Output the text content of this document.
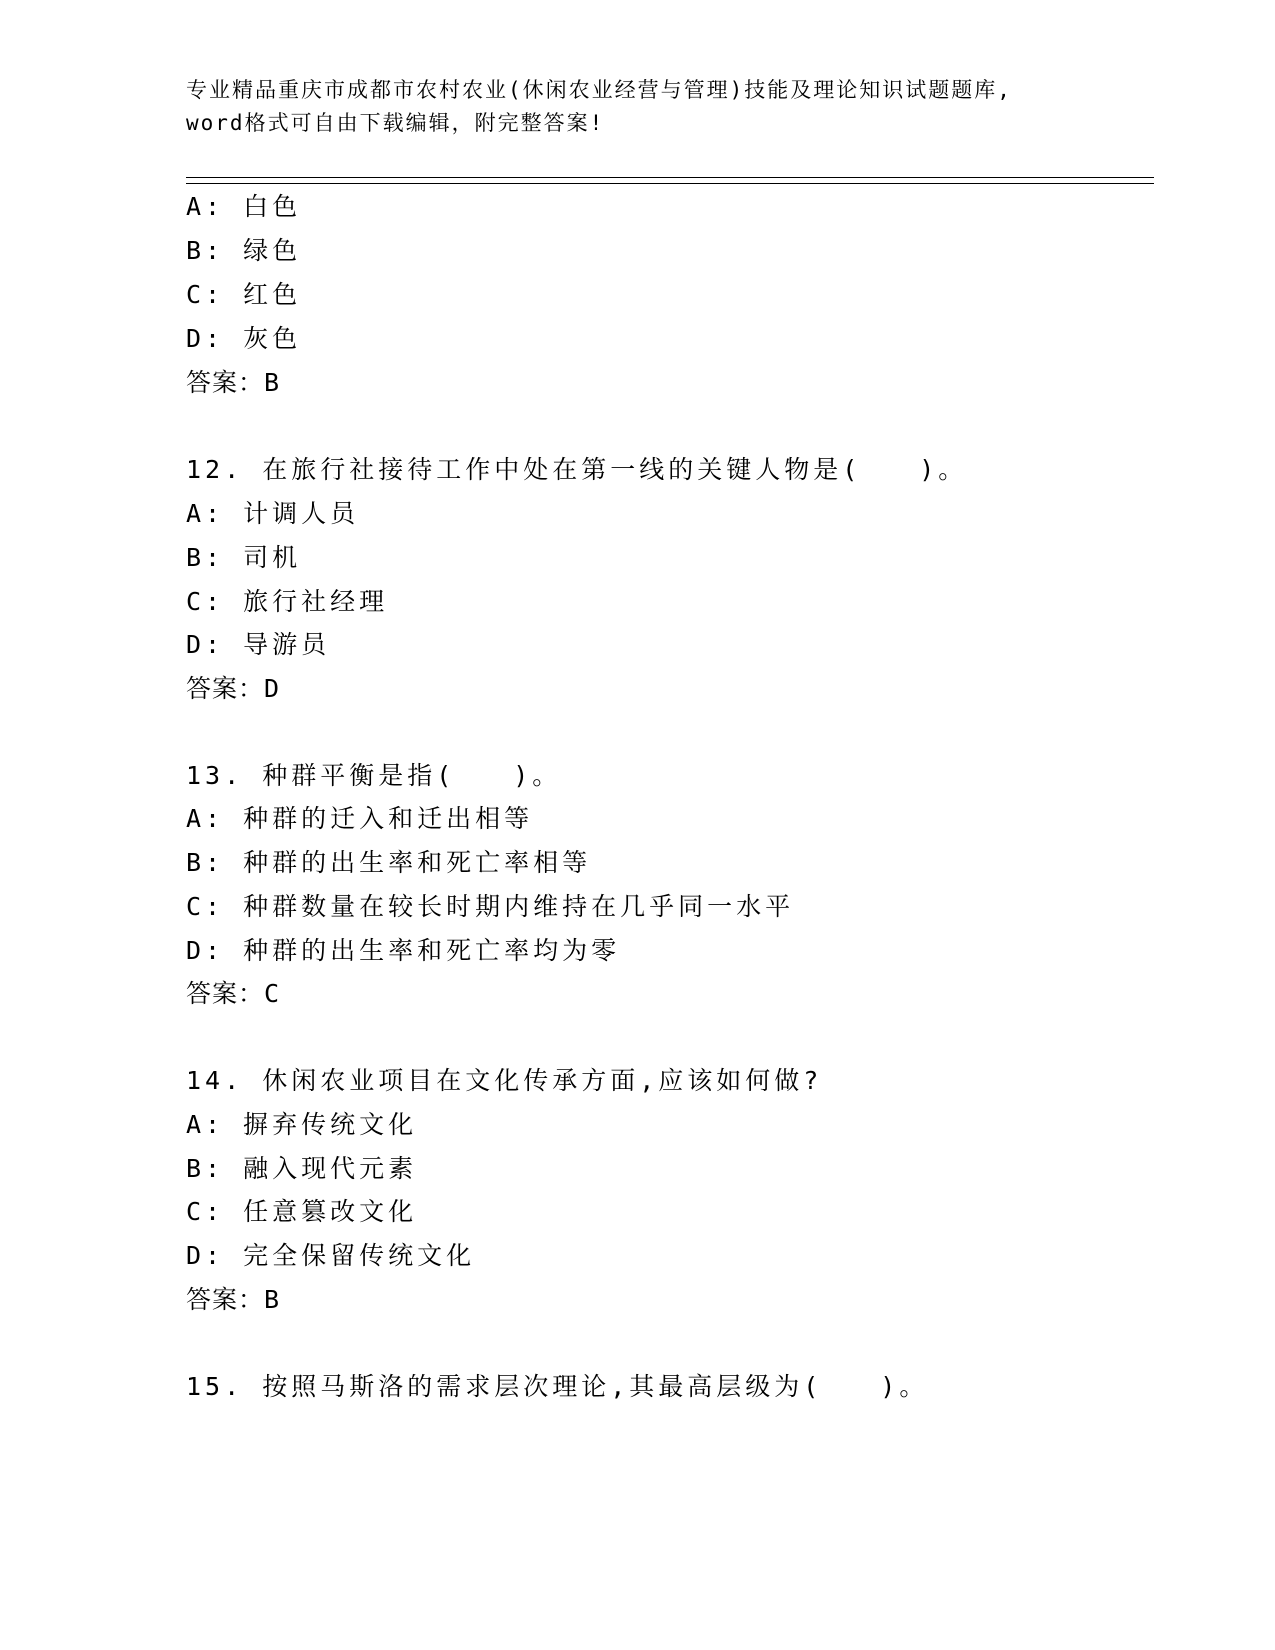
专业精品重庆市成都市农村农业(休闲农业经营与管理)技能及理论知识试题题库,
word格式可自由下载编辑，附完整答案!
A: 白色
B: 绿色
C: 红色
D: 灰色
答案：B
12. 在旅行社接待工作中处在第一线的关键人物是(　　)。
A: 计调人员
B: 司机
C: 旅行社经理
D: 导游员
答案：D
13. 种群平衡是指(　　)。
A: 种群的迁入和迁出相等
B: 种群的出生率和死亡率相等
C: 种群数量在较长时期内维持在几乎同一水平
D: 种群的出生率和死亡率均为零
答案：C
14. 休闲农业项目在文化传承方面,应该如何做?
A: 摒弃传统文化
B: 融入现代元素
C: 任意篡改文化
D: 完全保留传统文化
答案：B
15. 按照马斯洛的需求层次理论,其最高层级为(　　)。
